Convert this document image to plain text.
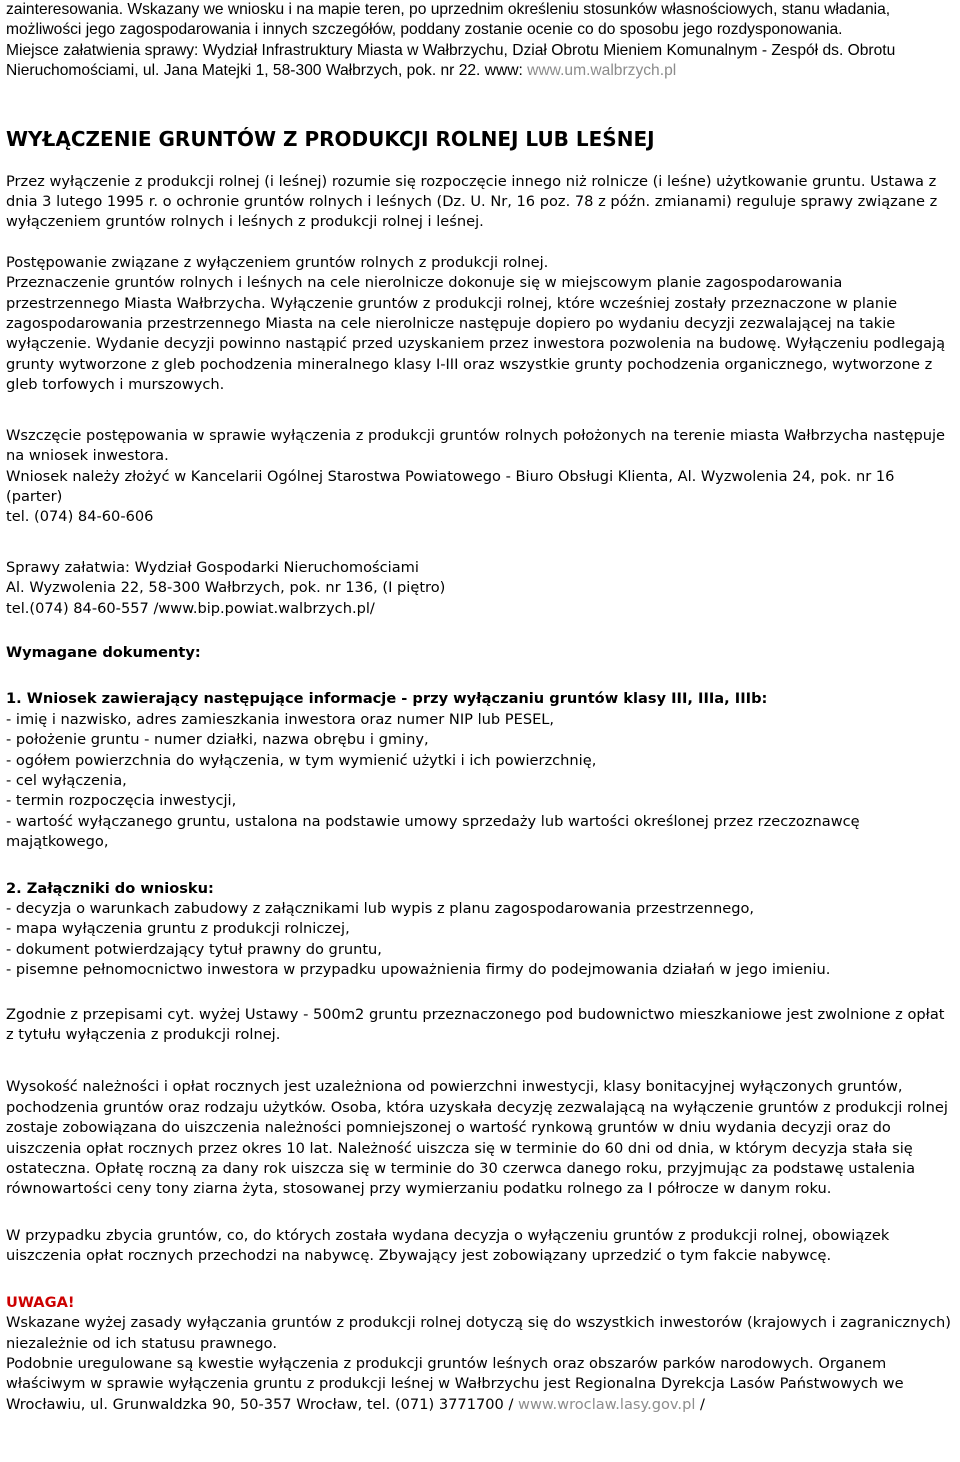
zainteresowania. Wskazany we wniosku i na mapie teren, po uprzednim określeniu stosunków własnościowych, stanu władania, możliwości jego zagospodarowania i innych szczegółów, poddany zostanie ocenie co do sposobu jego rozdysponowania.

Miejsce załatwienia sprawy: Wydział Infrastruktury Miasta w Wałbrzychu, Dział Obrotu Mieniem Komunalnym - Zespół ds. Obrotu Nieruchomościami, ul. Jana Matejki 1, 58-300 Wałbrzych, pok. nr 22. www: www.um.walbrzych.pl

WYŁĄCZENIE GRUNTÓW Z PRODUKCJI ROLNEJ LUB LEŚNEJ

Przez wyłączenie z produkcji rolnej (i leśnej) rozumie się rozpoczęcie innego niż rolnicze (i leśne) użytkowanie gruntu. Ustawa z dnia 3 lutego 1995 r. o ochronie gruntów rolnych i leśnych (Dz. U. Nr, 16 poz. 78 z późn. zmianami) reguluje sprawy związane z wyłączeniem gruntów rolnych i leśnych z produkcji rolnej i leśnej.

Postępowanie związane z wyłączeniem gruntów rolnych z produkcji rolnej.

Przeznaczenie gruntów rolnych i leśnych na cele nierolnicze dokonuje się w miejscowym planie zagospodarowania przestrzennego Miasta Wałbrzycha. Wyłączenie gruntów z produkcji rolnej, które wcześniej zostały przeznaczone w planie zagospodarowania przestrzennego Miasta na cele nierolnicze następuje dopiero po wydaniu decyzji zezwalającej na takie wyłączenie. Wydanie decyzji powinno nastąpić przed uzyskaniem przez inwestora pozwolenia na budowę. Wyłączeniu podlegają grunty wytworzone z gleb pochodzenia mineralnego klasy I-III oraz wszystkie grunty pochodzenia organicznego, wytworzone z gleb torfowych i murszowych.

Wszczęcie postępowania w sprawie wyłączenia z produkcji gruntów rolnych położonych na terenie miasta Wałbrzycha następuje na wniosek inwestora.

Wniosek należy złożyć w Kancelarii Ogólnej Starostwa Powiatowego - Biuro Obsługi Klienta, Al. Wyzwolenia 24, pok. nr 16 (parter)

tel. (074) 84-60-606

Sprawy załatwia: Wydział Gospodarki Nieruchomościami

Al. Wyzwolenia 22, 58-300 Wałbrzych, pok. nr 136, (I piętro)

tel.(074) 84-60-557 /www.bip.powiat.walbrzych.pl/

Wymagane dokumenty:

1. Wniosek zawierający następujące informacje - przy wyłączaniu gruntów klasy III, IIIa, IIIb:

- imię i nazwisko, adres zamieszkania inwestora oraz numer NIP lub PESEL,

- położenie gruntu - numer działki, nazwa obrębu i gminy,

- ogółem powierzchnia do wyłączenia, w tym wymienić użytki i ich powierzchnię,

- cel wyłączenia,

- termin rozpoczęcia inwestycji,

- wartość wyłączanego gruntu, ustalona na podstawie umowy sprzedaży lub wartości określonej przez rzeczoznawcę majątkowego,

2. Załączniki do wniosku:

- decyzja o warunkach zabudowy z załącznikami lub wypis z planu zagospodarowania przestrzennego,

- mapa wyłączenia gruntu z produkcji rolniczej,

- dokument potwierdzający tytuł prawny do gruntu,

- pisemne pełnomocnictwo inwestora w przypadku upoważnienia firmy do podejmowania działań w jego imieniu.

Zgodnie z przepisami cyt. wyżej Ustawy - 500m2 gruntu przeznaczonego pod budownictwo mieszkaniowe jest zwolnione z opłat z tytułu wyłączenia z produkcji rolnej.

Wysokość należności i opłat rocznych jest uzależniona od powierzchni inwestycji, klasy bonitacyjnej wyłączonych gruntów, pochodzenia gruntów oraz rodzaju użytków. Osoba, która uzyskała decyzję zezwalającą na wyłączenie gruntów z produkcji rolnej zostaje zobowiązana do uiszczenia należności pomniejszonej o wartość rynkową gruntów w dniu wydania decyzji oraz do uiszczenia opłat rocznych przez okres 10 lat. Należność uiszcza się w terminie do 60 dni od dnia, w którym decyzja stała się ostateczna. Opłatę roczną za dany rok uiszcza się w terminie do 30 czerwca danego roku, przyjmując za podstawę ustalenia równowartości ceny tony ziarna żyta, stosowanej przy wymierzaniu podatku rolnego za I półrocze w danym roku.

W przypadku zbycia gruntów, co, do których została wydana decyzja o wyłączeniu gruntów z produkcji rolnej, obowiązek uiszczenia opłat rocznych przechodzi na nabywcę. Zbywający jest zobowiązany uprzedzić o tym fakcie nabywcę.

UWAGA!

Wskazane wyżej zasady wyłączania gruntów z produkcji rolnej dotyczą się do wszystkich inwestorów (krajowych i zagranicznych) niezależnie od ich statusu prawnego.

Podobnie uregulowane są kwestie wyłączenia z produkcji gruntów leśnych oraz obszarów parków narodowych. Organem właściwym w sprawie wyłączenia gruntu z produkcji leśnej w Wałbrzychu jest Regionalna Dyrekcja Lasów Państwowych we Wrocławiu, ul. Grunwaldzka 90, 50-357 Wrocław, tel. (071) 3771700 / www.wroclaw.lasy.gov.pl /
